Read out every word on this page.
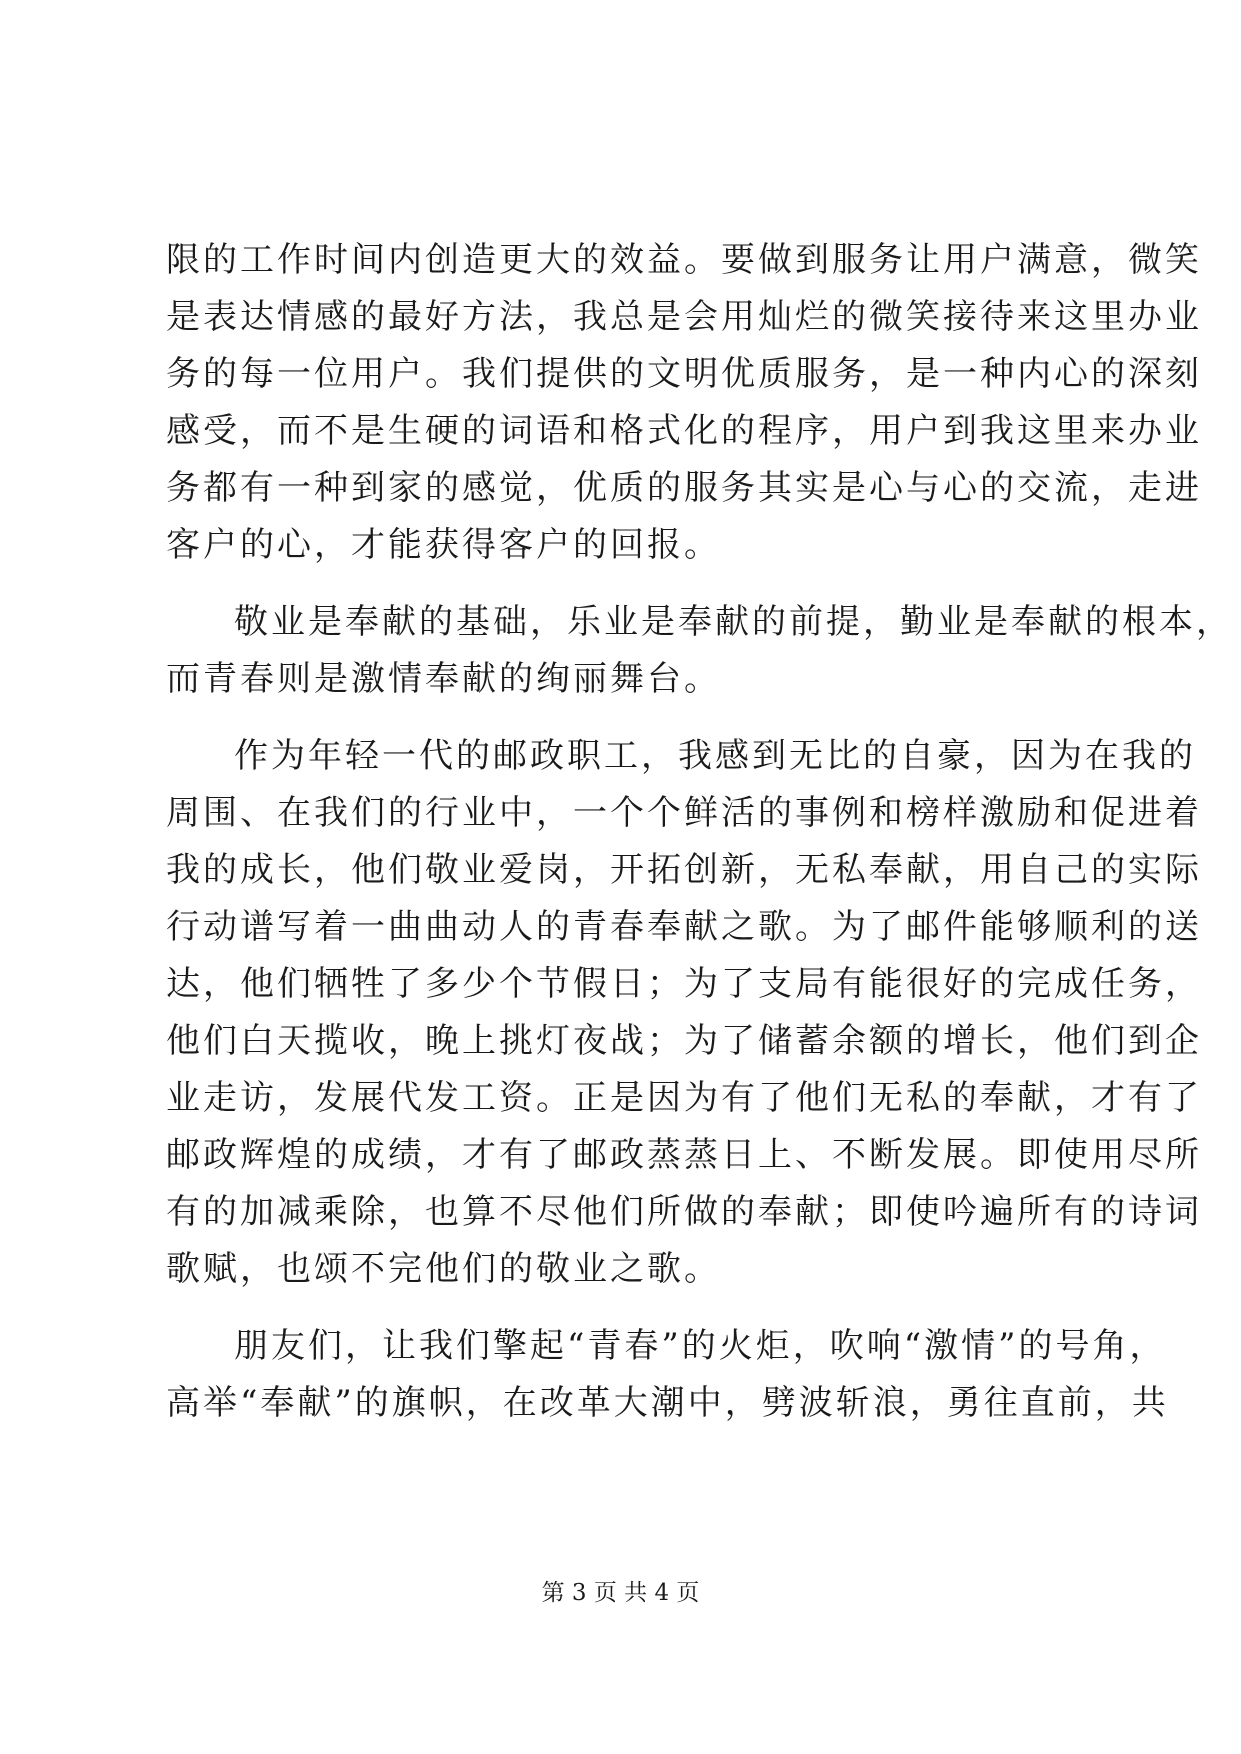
限的工作时间内创造更大的效益。要做到服务让用户满意，微笑
是表达情感的最好方法，我总是会用灿烂的微笑接待来这里办业
务的每一位用户。我们提供的文明优质服务，是一种内心的深刻
感受，而不是生硬的词语和格式化的程序，用户到我这里来办业
务都有一种到家的感觉，优质的服务其实是心与心的交流，走进
客户的心，才能获得客户的回报。
敬业是奉献的基础，乐业是奉献的前提，勤业是奉献的根本，
而青春则是激情奉献的绚丽舞台。
作为年轻一代的邮政职工，我感到无比的自豪，因为在我的
周围、在我们的行业中，一个个鲜活的事例和榜样激励和促进着
我的成长，他们敬业爱岗，开拓创新，无私奉献，用自己的实际
行动谱写着一曲曲动人的青春奉献之歌。为了邮件能够顺利的送
达，他们牺牲了多少个节假日；为了支局有能很好的完成任务，
他们白天揽收，晚上挑灯夜战；为了储蓄余额的增长，他们到企
业走访，发展代发工资。正是因为有了他们无私的奉献，才有了
邮政辉煌的成绩，才有了邮政蒸蒸日上、不断发展。即使用尽所
有的加减乘除，也算不尽他们所做的奉献；即使吟遍所有的诗词
歌赋，也颂不完他们的敬业之歌。
朋友们，让我们擎起“青春”的火炬，吹响“激情”的号角，
高举“奉献”的旗帜，在改革大潮中，劈波斩浪，勇往直前，共
第 3 页 共 4 页
